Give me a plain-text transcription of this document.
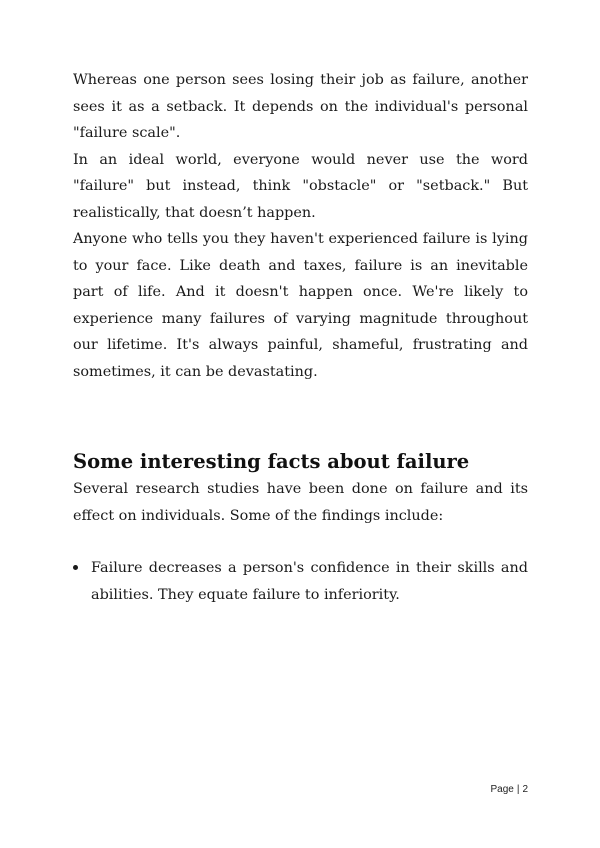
Whereas one person sees losing their job as failure, another sees it as a setback. It depends on the individual's personal "failure scale".

In an ideal world, everyone would never use the word "failure" but instead, think "obstacle" or "setback." But realistically, that doesn’t happen.

Anyone who tells you they haven't experienced failure is lying to your face. Like death and taxes, failure is an inevitable part of life. And it doesn't happen once. We're likely to experience many failures of varying magnitude throughout our lifetime. It's always painful, shameful, frustrating and sometimes, it can be devastating.

Some interesting facts about failure

Several research studies have been done on failure and its effect on individuals. Some of the findings include:

Failure decreases a person's confidence in their skills and abilities. They equate failure to inferiority.

Page | 2
